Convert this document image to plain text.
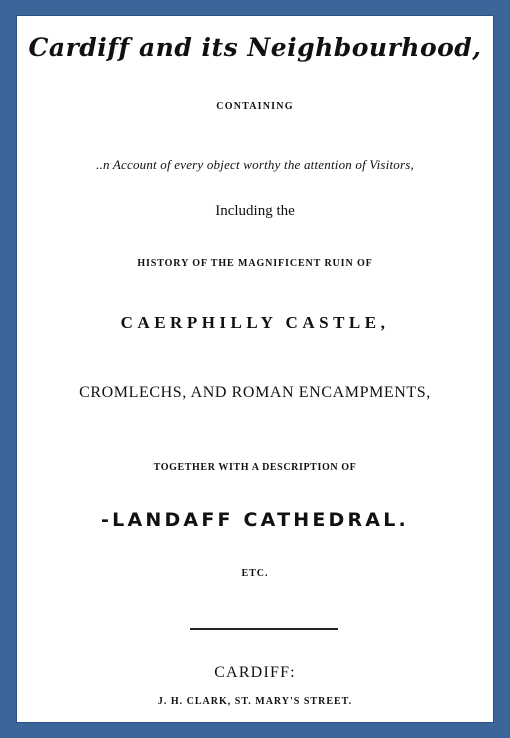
Cardiff and its Neighbourhood,
CONTAINING
..n Account of every object worthy the attention of Visitors,
Including the
HISTORY OF THE MAGNIFICENT RUIN OF
CAERPHILLY CASTLE,
CROMLECHS, AND ROMAN ENCAMPMENTS,
TOGETHER WITH A DESCRIPTION OF
-LANDAFF CATHEDRAL.
ETC.
CARDIFF:
J. H. CLARK, ST. MARY'S STREET.
